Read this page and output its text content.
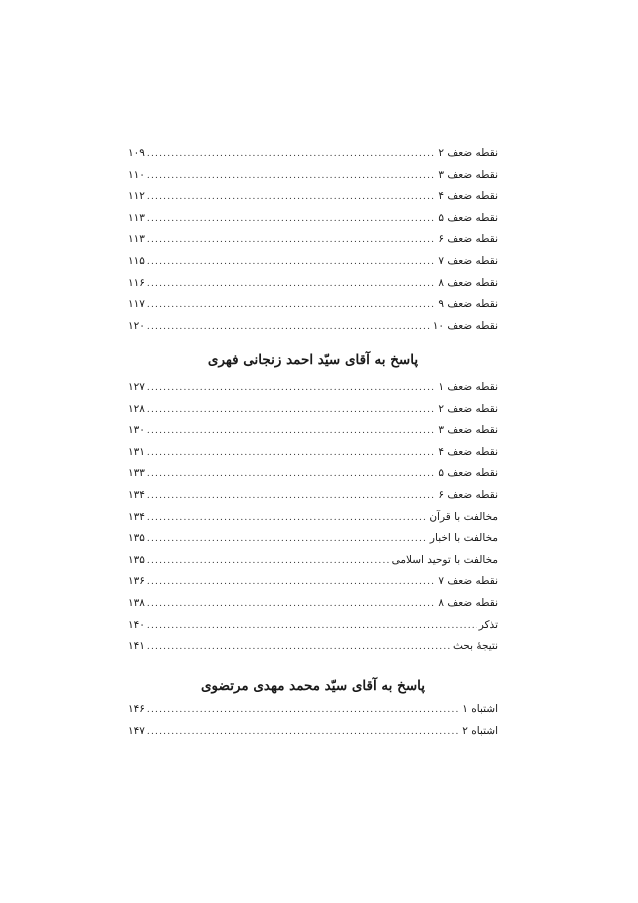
نقطه ضعف ۲
.....
۱۰۹
نقطه ضعف ۳
.....
۱۱۰
نقطه ضعف ۴
.....
۱۱۲
نقطه ضعف ۵
.....
۱۱۳
نقطه ضعف ۶
.....
۱۱۳
نقطه ضعف ۷
.....
۱۱۵
نقطه ضعف ۸
.....
۱۱۶
نقطه ضعف ۹
.....
۱۱۷
نقطه ضعف ۱۰
.....
۱۲۰
پاسخ به آقای سیّد احمد زنجانی فهری
نقطه ضعف ۱
.....
۱۲۷
نقطه ضعف ۲
.....
۱۲۸
نقطه ضعف ۳
.....
۱۳۰
نقطه ضعف ۴
.....
۱۳۱
نقطه ضعف ۵
.....
۱۳۳
نقطه ضعف ۶
.....
۱۳۴
مخالفت با قرآن
.....
۱۳۴
مخالفت با اخبار
.....
۱۳۵
مخالفت با توحید اسلامی
.....
۱۳۵
نقطه ضعف ۷
.....
۱۳۶
نقطه ضعف ۸
.....
۱۳۸
تذکر
.....
۱۴۰
نتیجهٔ بحث
.....
۱۴۱
پاسخ به آقای سیّد محمد مهدی مرتضوی
اشتباه ۱
.....
۱۴۶
اشتباه ۲
.....
۱۴۷
